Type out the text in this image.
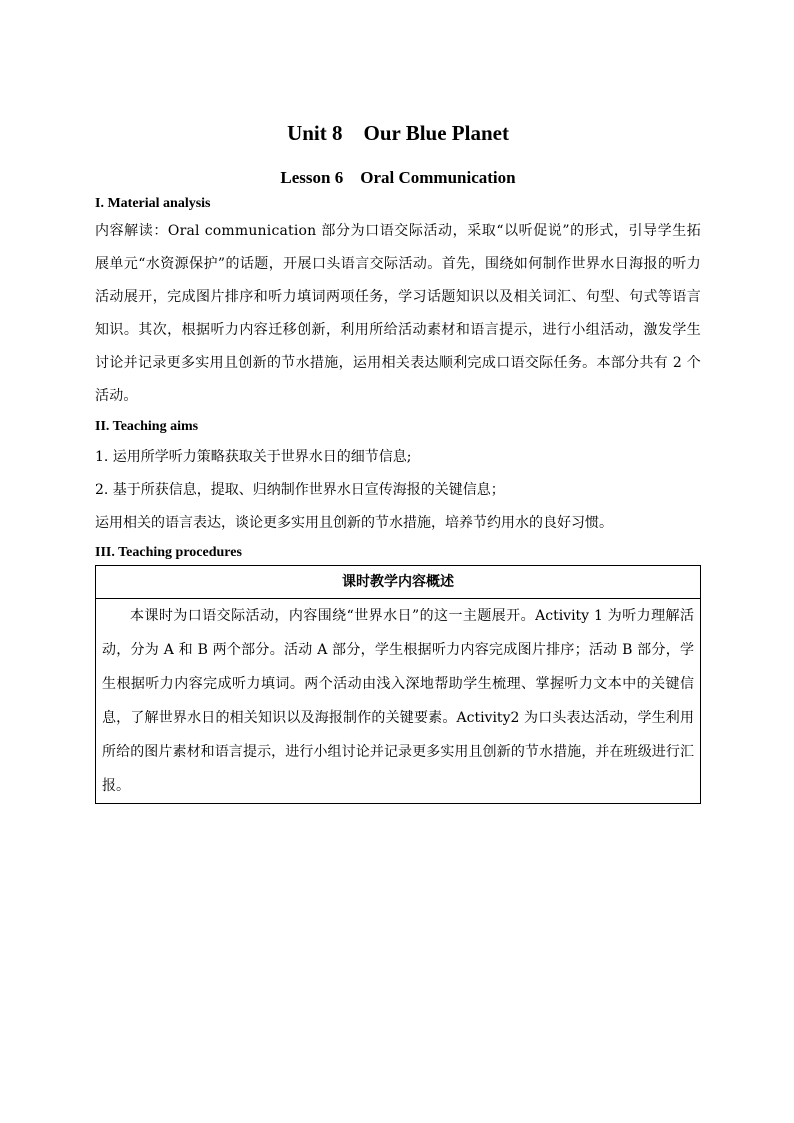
Unit 8    Our Blue Planet
Lesson 6    Oral Communication
I. Material analysis

内容解读：Oral communication 部分为口语交际活动，采取“以听促说”的形式，引导学生拓展单元“水资源保护”的话题，开展口头语言交际活动。首先，围绕如何制作世界水日海报的听力活动展开，完成图片排序和听力填词两项任务，学习话题知识以及相关词汇、句型、句式等语言知识。其次，根据听力内容迁移创新，利用所给活动素材和语言提示，进行小组活动，激发学生讨论并记录更多实用且创新的节水措施，运用相关表达顺利完成口语交际任务。本部分共有 2 个活动。

II. Teaching aims

1. 运用所学听力策略获取关于世界水日的细节信息;

2. 基于所获信息，提取、归纳制作世界水日宣传海报的关键信息；

运用相关的语言表达，谈论更多实用且创新的节水措施，培养节约用水的良好习惯。

III. Teaching procedures
课时教学内容概述
本课时为口语交际活动，内容围绕“世界水日”的这一主题展开。Activity 1 为听力理解活动，分为 A 和 B 两个部分。活动 A 部分，学生根据听力内容完成图片排序；活动 B 部分，学生根据听力内容完成听力填词。两个活动由浅入深地帮助学生梳理、掌握听力文本中的关键信息，了解世界水日的相关知识以及海报制作的关键要素。Activity2 为口头表达活动，学生利用所给的图片素材和语言提示，进行小组讨论并记录更多实用且创新的节水措施，并在班级进行汇报。
